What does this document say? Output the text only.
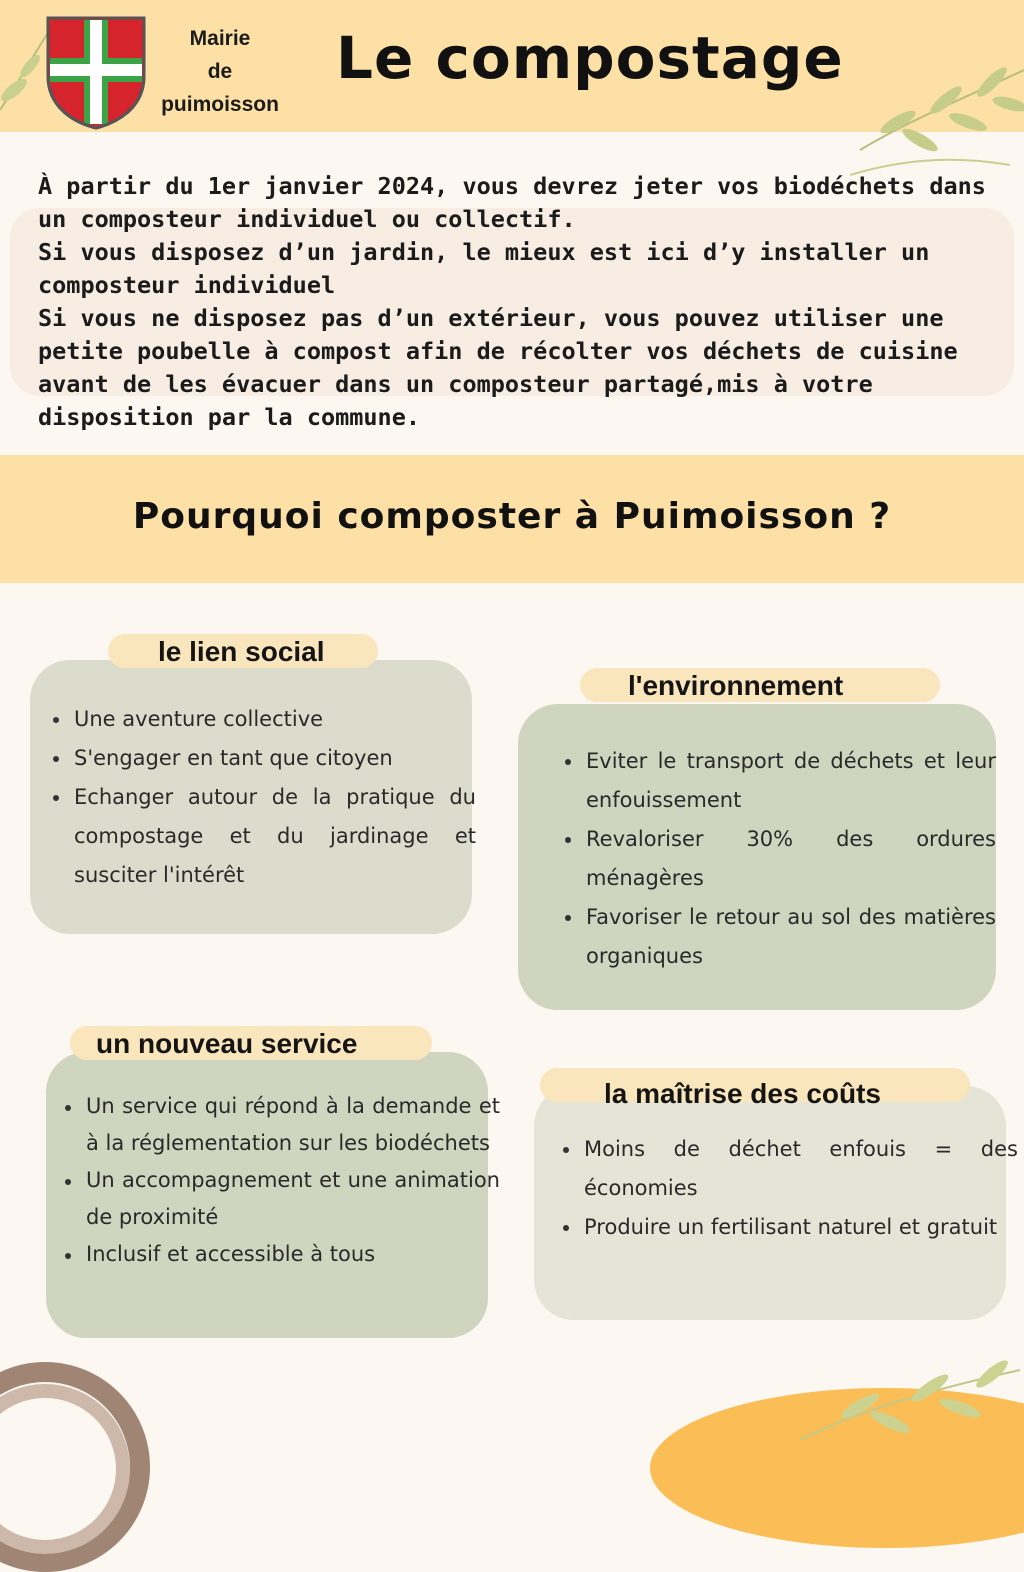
Mairie
de
puimoisson
Le compostage

À partir du 1er janvier 2024, vous devrez jeter vos biodéchets dans un composteur individuel ou collectif.

Si vous disposez d’un jardin, le mieux est ici d’y installer un composteur individuel

Si vous ne disposez pas d’un extérieur, vous pouvez utiliser une petite poubelle à compost afin de récolter vos déchets de cuisine avant de les évacuer dans un composteur partagé,mis à votre disposition par la commune.

Pourquoi composter à Puimoisson ?
Une aventure collective
S'engager en tant que citoyen
Echanger autour de la pratique du compostage et du jardinage et susciter l'intérêt
le lien social
Eviter le transport de déchets et leur enfouissement
Revaloriser 30% des ordures ménagères
Favoriser le retour au sol des matières organiques
l'environnement
Un service qui répond à la demande et à la réglementation sur les biodéchets
Un accompagnement et une animation de proximité
Inclusif et accessible à tous
un nouveau service
Moins de déchet enfouis = des économies
Produire un fertilisant naturel et gratuit
la maîtrise des coûts
